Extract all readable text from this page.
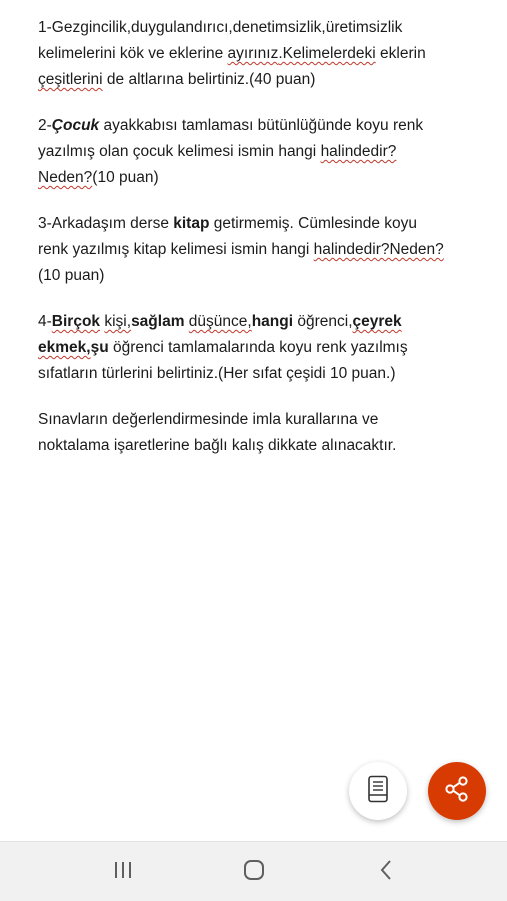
1-Gezgincilik,duygulandırıcı,denetimsizlik,üretimsizlik
kelimelerini kök ve eklerine ayırınız.Kelimelerdeki eklerin
çeşitlerini de altlarına belirtiniz.(40 puan)

2-Çocuk ayakkabısı tamlaması bütünlüğünde koyu renk
yazılmış olan çocuk kelimesi ismin hangi halindedir?
Neden?(10 puan)

3-Arkadaşım derse kitap getirmemiş. Cümlesinde koyu
renk yazılmış kitap kelimesi ismin hangi halindedir?Neden?
(10 puan)

4-Birçok kişi,sağlam düşünce,hangi öğrenci,çeyrek
ekmek,şu öğrenci tamlamalarında koyu renk yazılmış
sıfatların türlerini belirtiniz.(Her sıfat çeşidi 10 puan.)

Sınavların değerlendirmesinde imla kurallarına ve
noktalama işaretlerine bağlı kalış dikkate alınacaktır.
